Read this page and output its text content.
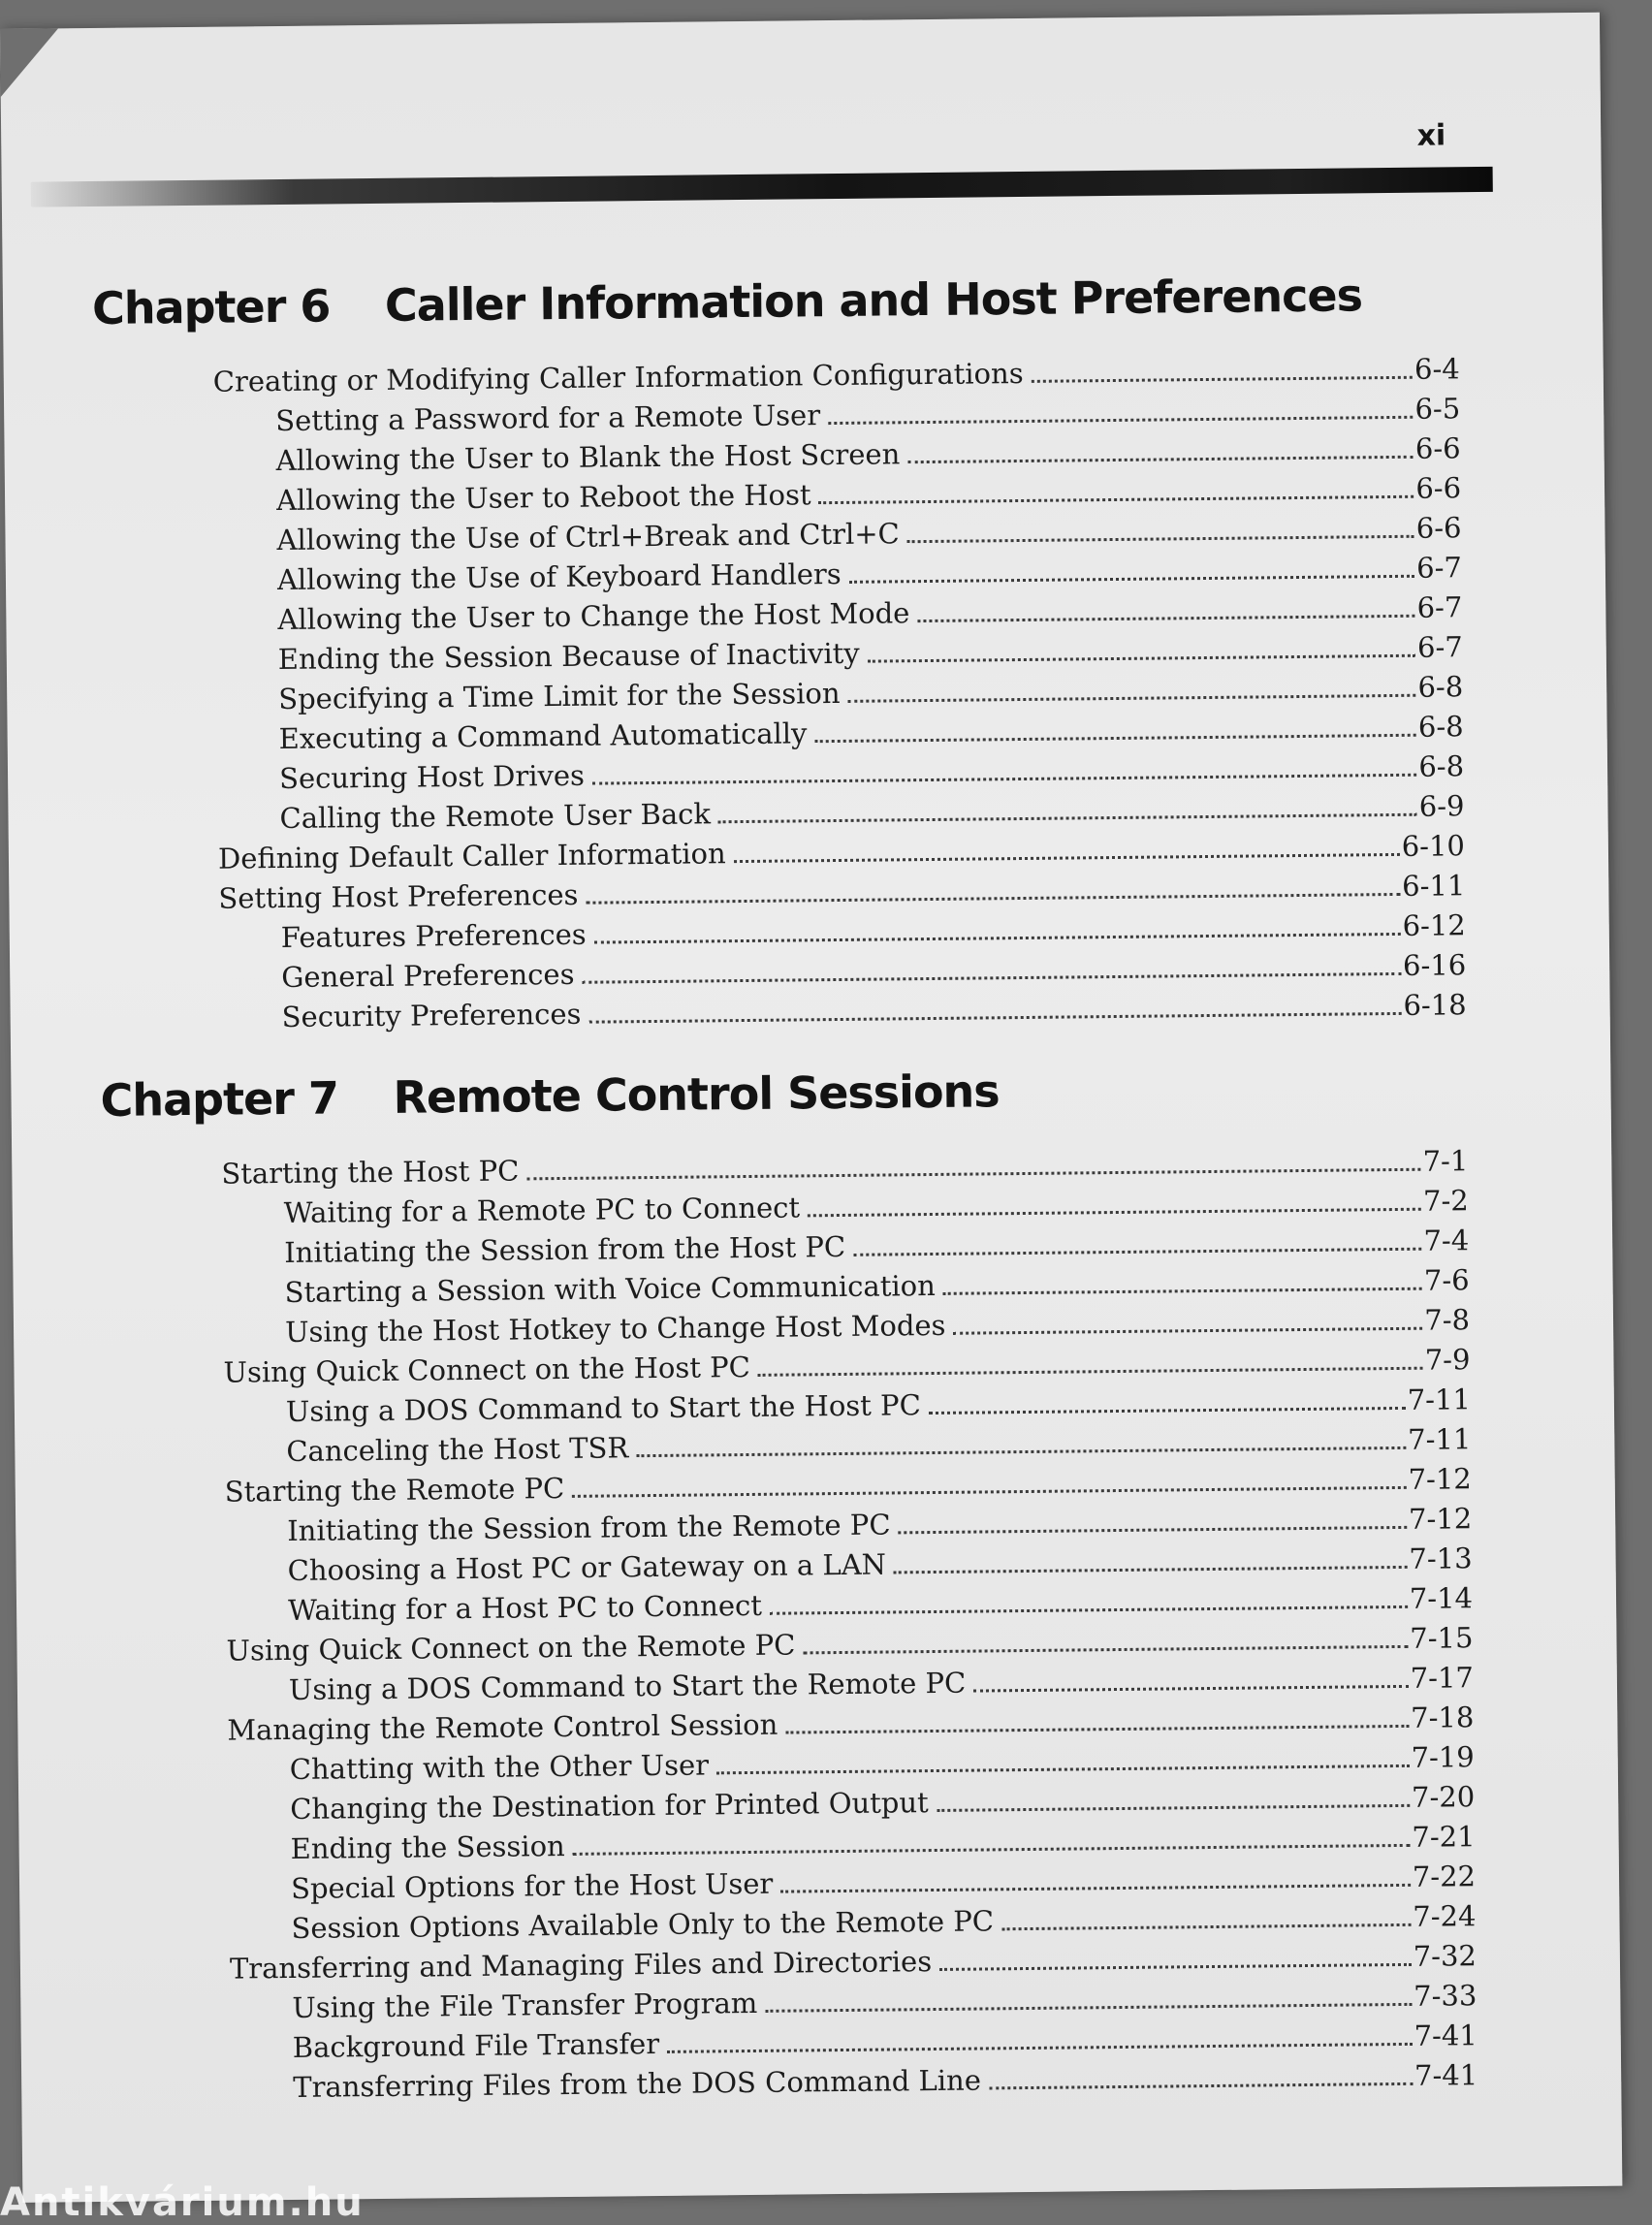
xi
Chapter 6	Caller Information and Host Preferences
Creating or Modifying Caller Information Configurations	6-4
Setting a Password for a Remote User	6-5
Allowing the User to Blank the Host Screen	6-6
Allowing the User to Reboot the Host	6-6
Allowing the Use of Ctrl+Break and Ctrl+C	6-6
Allowing the Use of Keyboard Handlers	6-7
Allowing the User to Change the Host Mode	6-7
Ending the Session Because of Inactivity	6-7
Specifying a Time Limit for the Session	6-8
Executing a Command Automatically	6-8
Securing Host Drives	6-8
Calling the Remote User Back	6-9
Defining Default Caller Information	6-10
Setting Host Preferences	6-11
Features Preferences	6-12
General Preferences	6-16
Security Preferences	6-18
Chapter 7	Remote Control Sessions
Starting the Host PC	7-1
Waiting for a Remote PC to Connect	7-2
Initiating the Session from the Host PC	7-4
Starting a Session with Voice Communication	7-6
Using the Host Hotkey to Change Host Modes	7-8
Using Quick Connect on the Host PC	7-9
Using a DOS Command to Start the Host PC	7-11
Canceling the Host TSR	7-11
Starting the Remote PC	7-12
Initiating the Session from the Remote PC	7-12
Choosing a Host PC or Gateway on a LAN	7-13
Waiting for a Host PC to Connect	7-14
Using Quick Connect on the Remote PC	7-15
Using a DOS Command to Start the Remote PC	7-17
Managing the Remote Control Session	7-18
Chatting with the Other User	7-19
Changing the Destination for Printed Output	7-20
Ending the Session	7-21
Special Options for the Host User	7-22
Session Options Available Only to the Remote PC	7-24
Transferring and Managing Files and Directories	7-32
Using the File Transfer Program	7-33
Background File Transfer	7-41
Transferring Files from the DOS Command Line	7-41
Antikvárium.hu
